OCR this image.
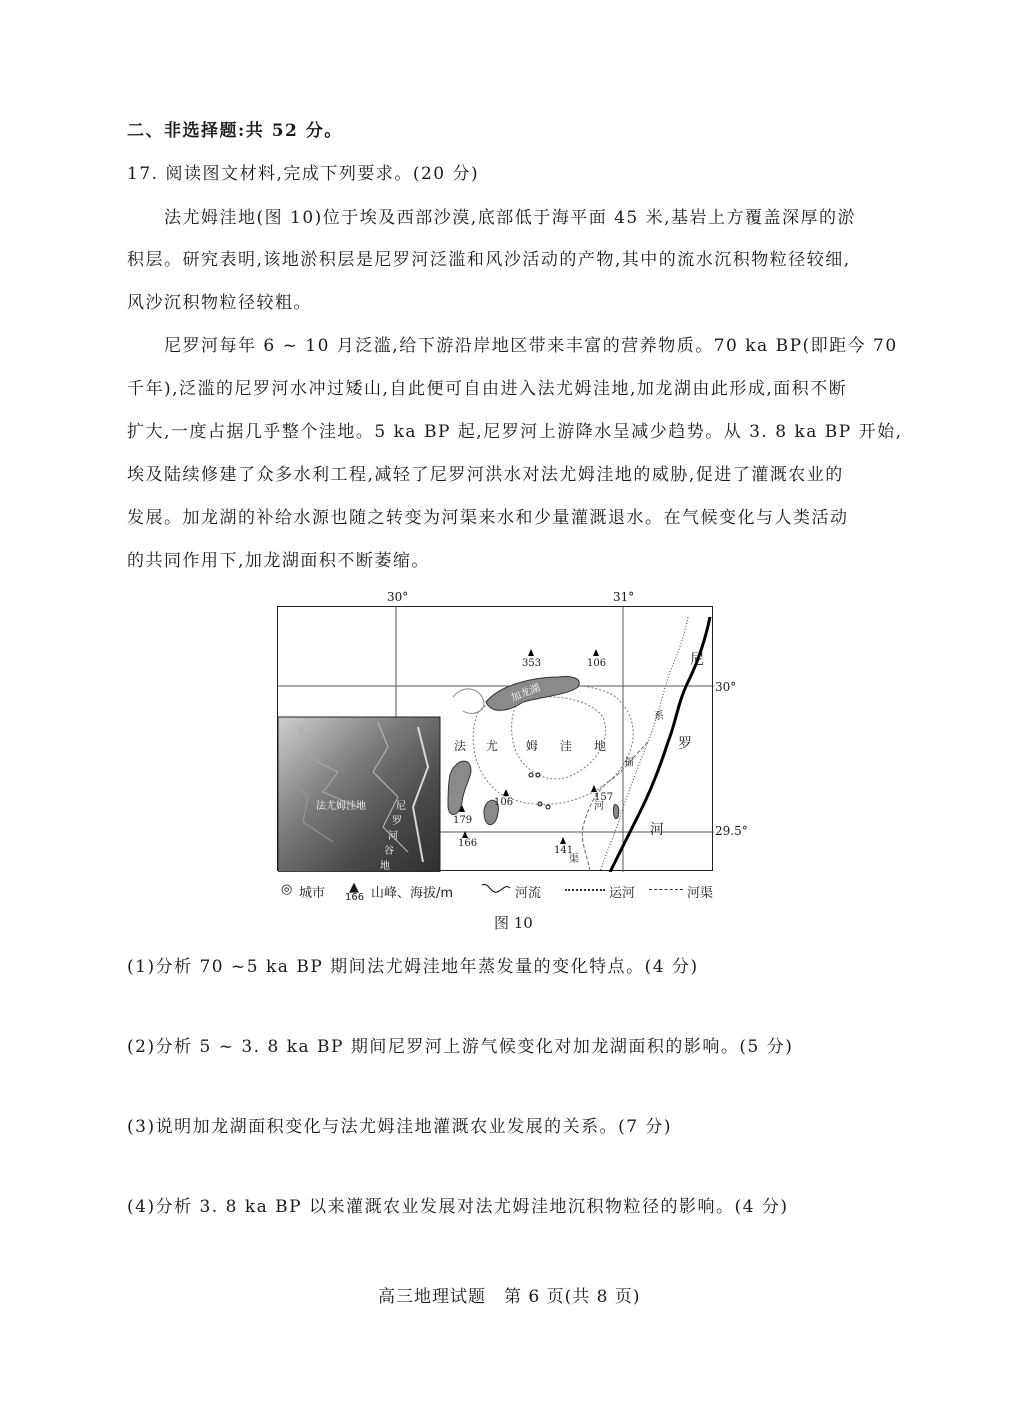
二、非选择题:共 52 分。
17. 阅读图文材料,完成下列要求。(20 分)
法尤姆洼地(图 10)位于埃及西部沙漠,底部低于海平面 45 米,基岩上方覆盖深厚的淤
积层。研究表明,该地淤积层是尼罗河泛滥和风沙活动的产物,其中的流水沉积物粒径较细,
风沙沉积物粒径较粗。
尼罗河每年 6 ~ 10 月泛滥,给下游沿岸地区带来丰富的营养物质。70 ka BP(即距今 70
千年),泛滥的尼罗河水冲过矮山,自此便可自由进入法尤姆洼地,加龙湖由此形成,面积不断
扩大,一度占据几乎整个洼地。5 ka BP 起,尼罗河上游降水呈减少趋势。从 3. 8 ka BP 开始,
埃及陆续修建了众多水利工程,减轻了尼罗河洪水对法尤姆洼地的威胁,促进了灌溉农业的
发展。加龙湖的补给水源也随之转变为河渠来水和少量灌溉退水。在气候变化与人类活动
的共同作用下,加龙湖面积不断萎缩。
30°	31°
353	106
157
106
179
166
141
加龙湖
法 尤 姆 洼 地
尼
罗
河
系
福
河
渠
法尤姆洼地	尼
罗
河
谷
地
30°
29.5°
◎ 城市 ▲
166 山峰、海拔/m	河流	运河	河渠
图 10
(1)分析 70 ~5 ka BP 期间法尤姆洼地年蒸发量的变化特点。(4 分)
(2)分析 5 ~ 3. 8 ka BP 期间尼罗河上游气候变化对加龙湖面积的影响。(5 分)
(3)说明加龙湖面积变化与法尤姆洼地灌溉农业发展的关系。(7 分)
(4)分析 3. 8 ka BP 以来灌溉农业发展对法尤姆洼地沉积物粒径的影响。(4 分)
高三地理试题　第 6 页(共 8 页)
